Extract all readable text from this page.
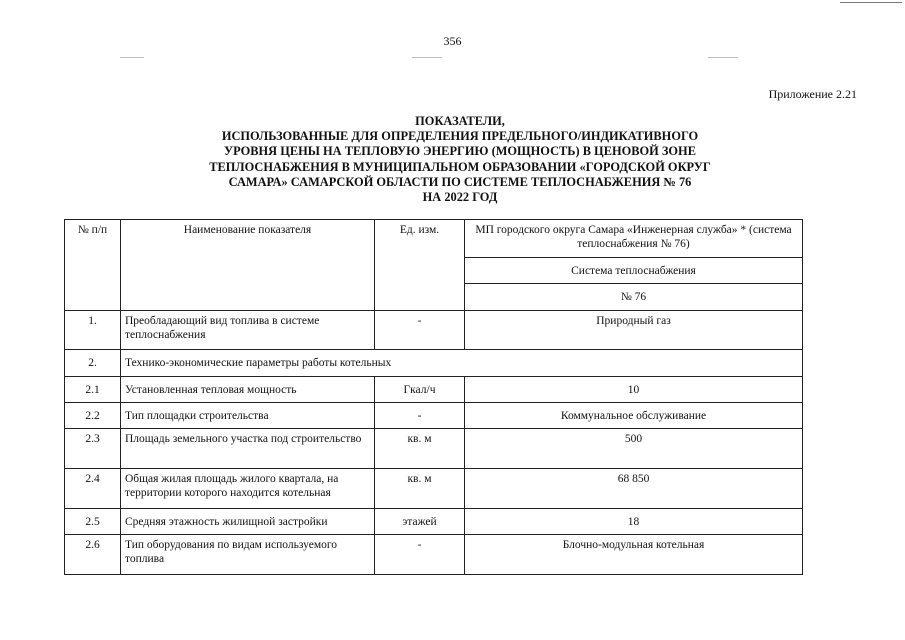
356
Приложение 2.21
ПОКАЗАТЕЛИ,
ИСПОЛЬЗОВАННЫЕ ДЛЯ ОПРЕДЕЛЕНИЯ ПРЕДЕЛЬНОГО/ИНДИКАТИВНОГО
УРОВНЯ ЦЕНЫ НА ТЕПЛОВУЮ ЭНЕРГИЮ (МОЩНОСТЬ) В ЦЕНОВОЙ ЗОНЕ
ТЕПЛОСНАБЖЕНИЯ В МУНИЦИПАЛЬНОМ ОБРАЗОВАНИИ «ГОРОДСКОЙ ОКРУГ
САМАРА» САМАРСКОЙ ОБЛАСТИ ПО СИСТЕМЕ ТЕПЛОСНАБЖЕНИЯ № 76
НА 2022 ГОД
№ п/п	Наименование показателя	Ед. изм.	МП городского округа Самара «Инженерная служба» * (система теплоснабжения № 76)
			Система теплоснабжения
			№ 76
1.	Преобладающий вид топлива в системе теплоснабжения	-	Природный газ
2.	Технико-экономические параметры работы котельных		
2.1	Установленная тепловая мощность	Гкал/ч	10
2.2	Тип площадки строительства	-	Коммунальное обслуживание
2.3	Площадь земельного участка под строительство	кв. м	500
2.4	Общая жилая площадь жилого квартала, на территории которого находится котельная	кв. м	68 850
2.5	Средняя этажность жилищной застройки	этажей	18
2.6	Тип оборудования по видам используемого топлива	-	Блочно-модульная котельная
